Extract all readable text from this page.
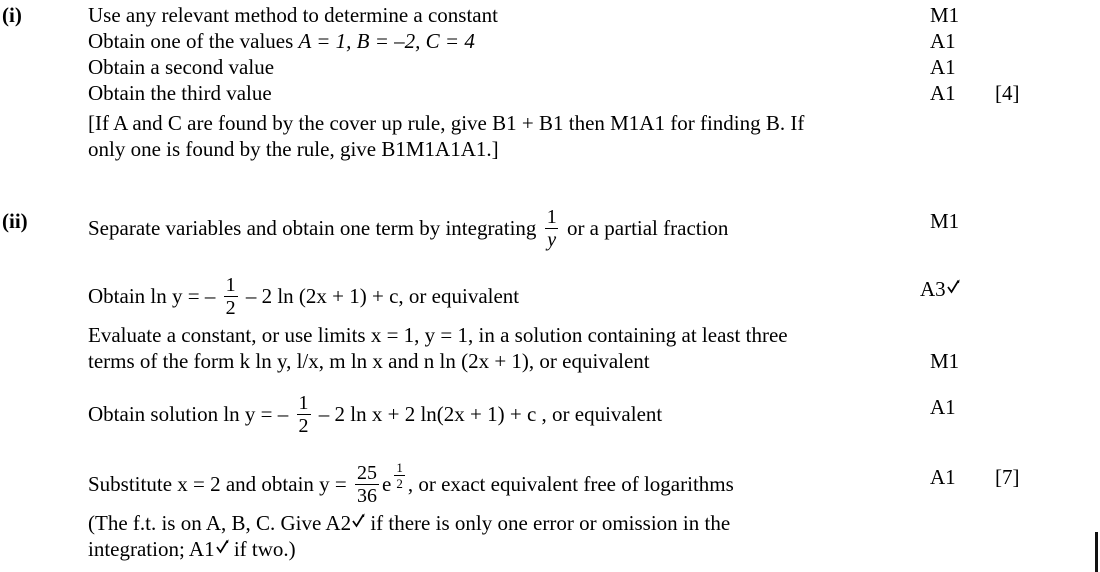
(i)	Use any relevant method to determine a constant	M1
Obtain one of the values A = 1, B = –2, C = 4	A1
Obtain a second value	A1
Obtain the third value	A1 [4]
[If A and C are found by the cover up rule, give B1 + B1 then M1A1 for finding B. If
only one is found by the rule, give B1M1A1A1.]
(ii)	Separate variables and obtain one term by integrating $\frac{1}{y}$ or a partial fraction	M1
Obtain ln y = – $\frac{1}{2} - 2$ ln (2x + 1) + c, or equivalent	A3
Evaluate a constant, or use limits x = 1, y = 1, in a solution containing at least three
terms of the form k ln y, l/x, m ln x and n ln (2x + 1), or equivalent	M1
Obtain solution ln y = – $\frac{1}{2} - 2$ ln x + 2 ln(2x + 1) + c , or equivalent	A1
Substitute x = 2 and obtain $y = \frac{25}{36}$ e $\frac{1}{2}$ , or exact equivalent free of logarithms	A1 [7]
(The f.t. is on A, B, C. Give A2 if there is only one error or omission in the
integration; A1 if two.)
